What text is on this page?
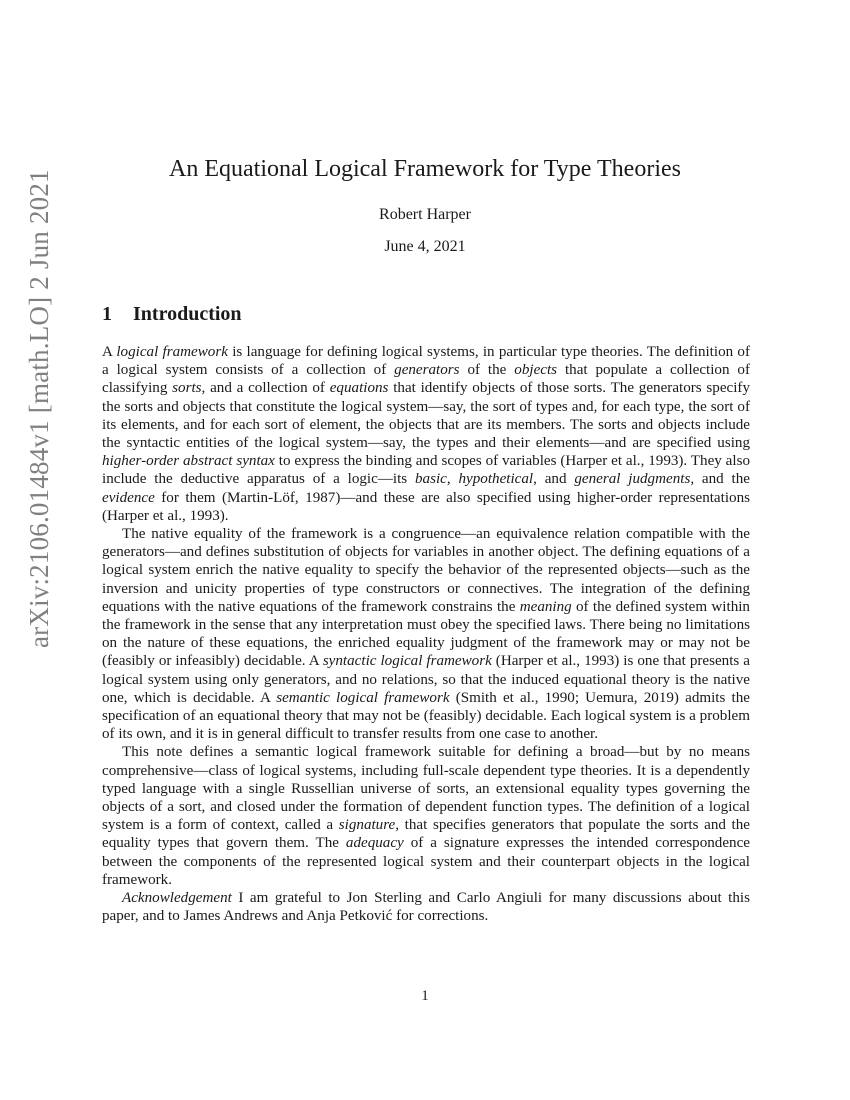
arXiv:2106.01484v1 [math.LO] 2 Jun 2021
An Equational Logical Framework for Type Theories
Robert Harper
June 4, 2021
1 Introduction

A logical framework is language for defining logical systems, in particular type theories. The definition of a logical system consists of a collection of generators of the objects that populate a collection of classifying sorts, and a collection of equations that identify objects of those sorts. The generators specify the sorts and objects that constitute the logical system—say, the sort of types and, for each type, the sort of its elements, and for each sort of element, the objects that are its members. The sorts and objects include the syntactic entities of the logical system—say, the types and their elements—and are specified using higher-order abstract syntax to express the binding and scopes of variables (Harper et al., 1993). They also include the deductive apparatus of a logic—its basic, hypothetical, and general judgments, and the evidence for them (Martin-Löf, 1987)—and these are also specified using higher-order representations (Harper et al., 1993).

The native equality of the framework is a congruence—an equivalence relation compatible with the generators—and defines substitution of objects for variables in another object. The defining equations of a logical system enrich the native equality to specify the behavior of the represented objects—such as the inversion and unicity properties of type constructors or connectives. The integration of the defining equations with the native equations of the framework constrains the meaning of the defined system within the framework in the sense that any interpretation must obey the specified laws. There being no limitations on the nature of these equations, the enriched equality judgment of the framework may or may not be (feasibly or infeasibly) decidable. A syntactic logical framework (Harper et al., 1993) is one that presents a logical system using only generators, and no relations, so that the induced equational theory is the native one, which is decidable. A semantic logical framework (Smith et al., 1990; Uemura, 2019) admits the specification of an equational theory that may not be (feasibly) decidable. Each logical system is a problem of its own, and it is in general difficult to transfer results from one case to another.

This note defines a semantic logical framework suitable for defining a broad—but by no means comprehensive—class of logical systems, including full-scale dependent type theories. It is a dependently typed language with a single Russellian universe of sorts, an extensional equality types governing the objects of a sort, and closed under the formation of dependent function types. The definition of a logical system is a form of context, called a signature, that specifies generators that populate the sorts and the equality types that govern them. The adequacy of a signature expresses the intended correspondence between the components of the represented logical system and their counterpart objects in the logical framework.

Acknowledgement I am grateful to Jon Sterling and Carlo Angiuli for many discussions about this paper, and to James Andrews and Anja Petković for corrections.

1
